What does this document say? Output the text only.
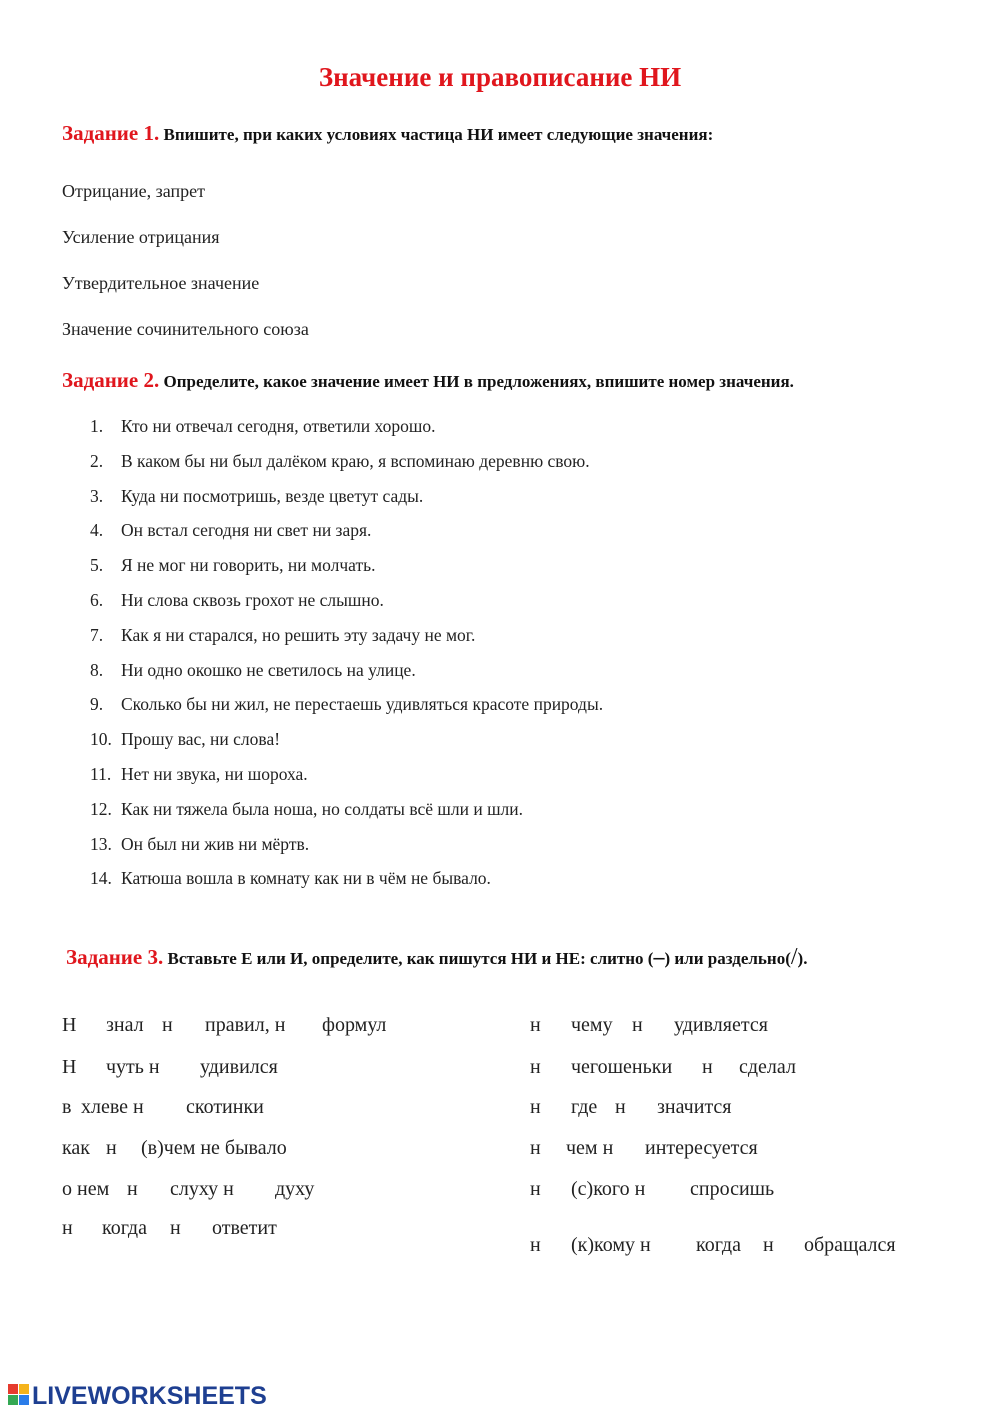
Значение и правописание НИ
Задание 1. Впишите, при каких условиях частица НИ имеет следующие значения:
Отрицание, запрет
Усиление отрицания
Утвердительное значение
Значение сочинительного союза
Задание 2. Определите, какое значение имеет НИ в предложениях, впишите номер значения.
1. Кто ни отвечал сегодня, ответили хорошо.
2. В каком бы ни был далёком краю, я вспоминаю деревню свою.
3. Куда ни посмотришь, везде цветут сады.
4. Он встал сегодня ни свет ни заря.
5. Я не мог ни говорить, ни молчать.
6. Ни слова сквозь грохот не слышно.
7. Как я ни старался, но решить эту задачу не мог.
8. Ни одно окошко не светилось на улице.
9. Сколько бы ни жил, не перестаешь удивляться красоте природы.
10. Прошу вас, ни слова!
11. Нет ни звука, ни шороха.
12. Как ни тяжела была ноша, но солдаты всё шли и шли.
13. Он был ни жив ни мёртв.
14. Катюша вошла в комнату как ни в чём не бывало.
Задание 3. Вставьте Е или И, определите, как пишутся НИ и НЕ: слитно (‒) или раздельно(/).
Н знал н правил, н формул
Н чуть н удивился
в хлеве н скотинки
как н (в)чем не бывало
о нем н слуху н духу
н когда н ответит
н чему н удивляется
н чегошеньки н сделал
н где н значится
н чем н интересуется
н (с)кого н спросишь
н (к)кому н когда н обращался
LIVEWORKSHEETS
